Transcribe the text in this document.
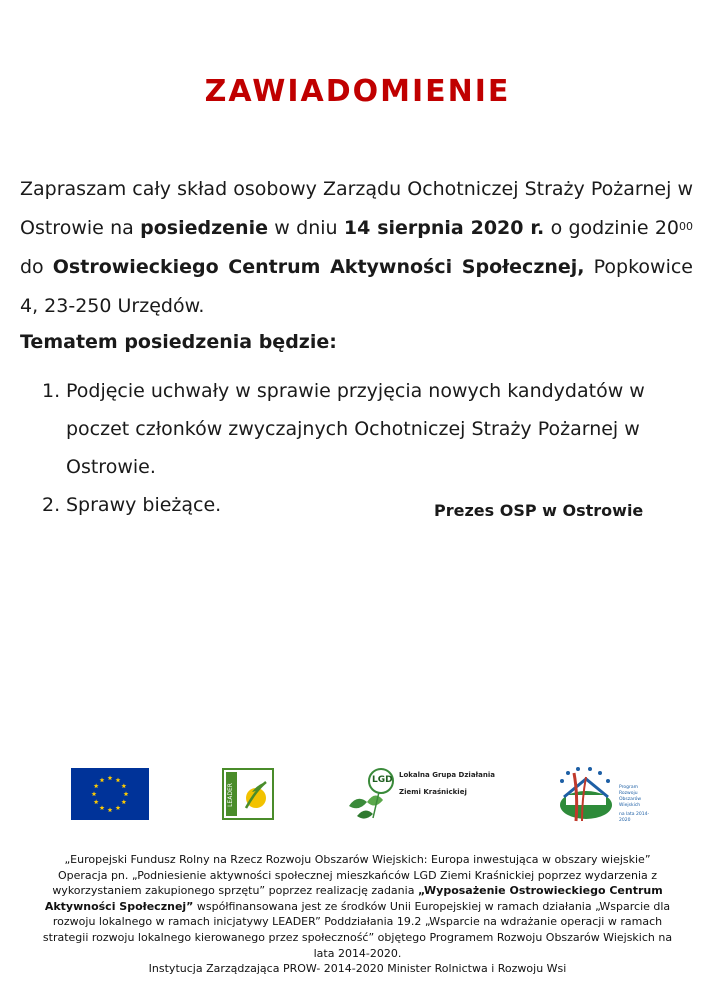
ZAWIADOMIENIE
Zapraszam cały skład osobowy Zarządu Ochotniczej Straży Pożarnej w Ostrowie na posiedzenie w dniu 14 sierpnia 2020 r. o godzinie $20^{00}$ do Ostrowieckiego Centrum Aktywności Społecznej, Popkowice 4, 23-250 Urzędów.
Tematem posiedzenia będzie:
1. Podjęcie uchwały w sprawie przyjęcia nowych kandydatów w poczet członków zwyczajnych Ochotniczej Straży Pożarnej w Ostrowie.
2. Sprawy bieżące.	Prezes OSP w Ostrowie
LEADER
LGD Lokalna Grupa Działania
Ziemi Kraśnickiej
Program
Rozwoju
Obszarów
Wiejskich
na lata 2014-2020

„Europejski Fundusz Rolny na Rzecz Rozwoju Obszarów Wiejskich: Europa inwestująca w obszary wiejskie”

Operacja pn. „Podniesienie aktywności społecznej mieszkańców LGD Ziemi Kraśnickiej poprzez wydarzenia z wykorzystaniem zakupionego sprzętu” poprzez realizację zadania „Wyposażenie Ostrowieckiego Centrum Aktywności Społecznej” współfinansowana jest ze środków Unii Europejskiej w ramach działania „Wsparcie dla rozwoju lokalnego w ramach inicjatywy LEADER” Poddziałania 19.2 „Wsparcie na wdrażanie operacji w ramach strategii rozwoju lokalnego kierowanego przez społeczność” objętego Programem Rozwoju Obszarów Wiejskich na lata 2014-2020.

Instytucja Zarządzająca PROW- 2014-2020 Minister Rolnictwa i Rozwoju Wsi
